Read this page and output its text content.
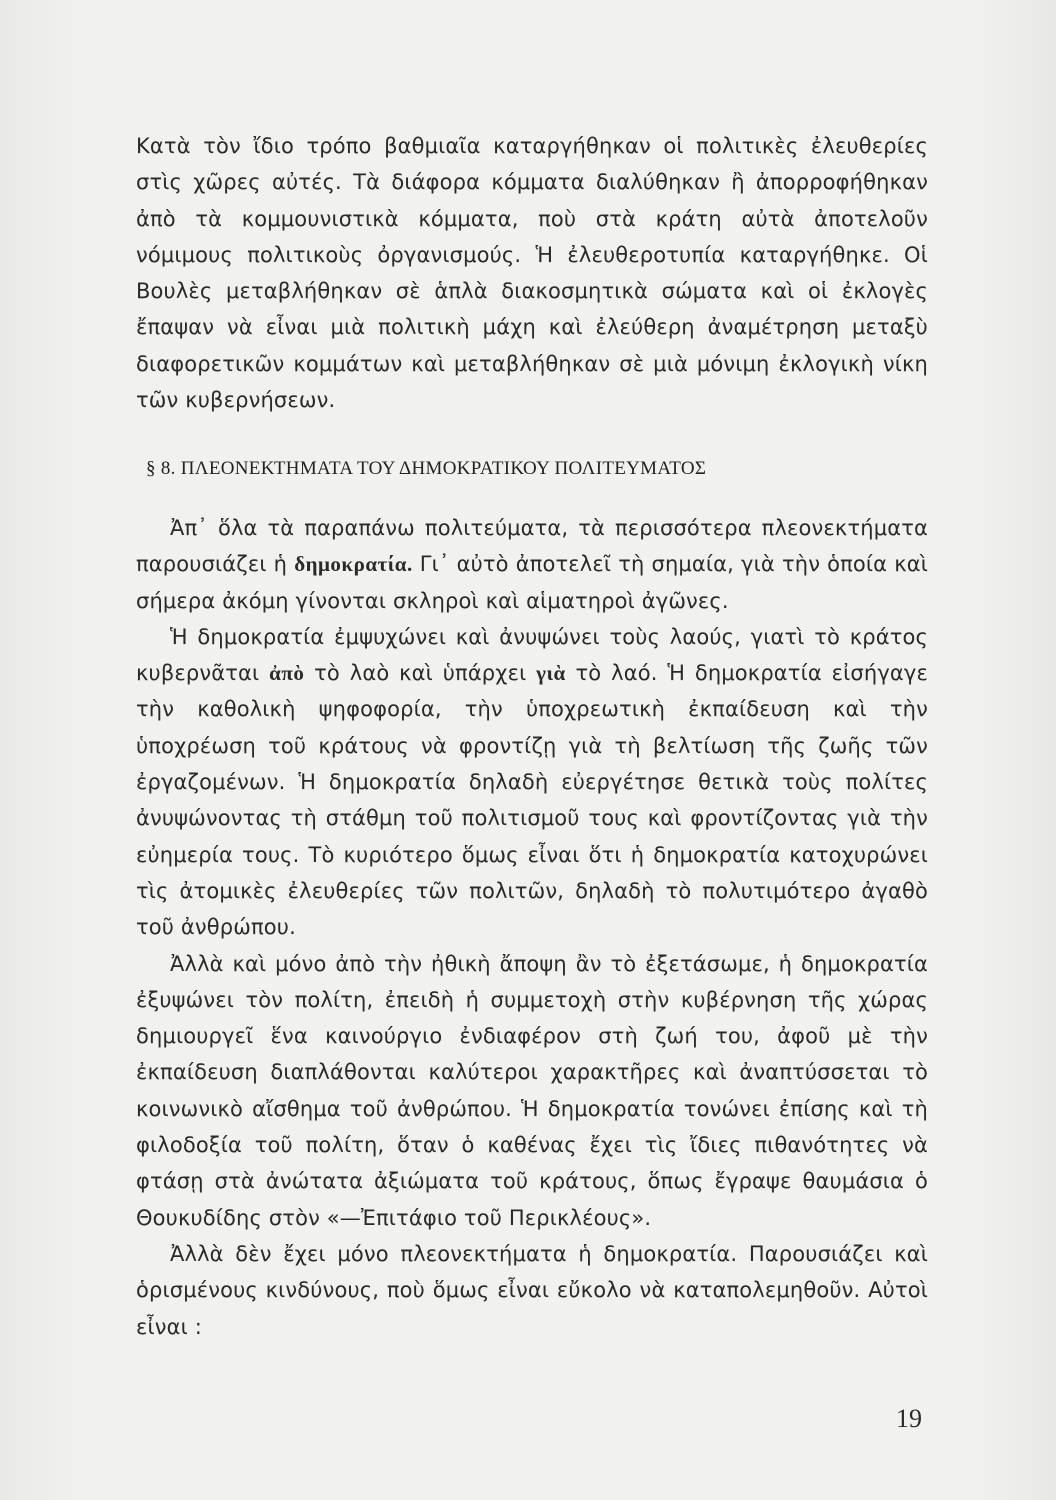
Κατὰ τὸν ἴδιο τρόπο βαθμιαῖα καταργήθηκαν οἱ πολιτικὲς ἐλευθερίες στὶς χῶρες αὐτές. Τὰ διάφορα κόμματα διαλύθηκαν ἢ ἀπορροφήθηκαν ἀπὸ τὰ κομμουνιστικὰ κόμματα, ποὺ στὰ κράτη αὐτὰ ἀποτελοῦν νόμιμους πολιτικοὺς ὀργανισμούς. Ἡ ἐλευθεροτυπία καταργήθηκε. Οἱ Βουλὲς μεταβλήθηκαν σὲ ἁπλὰ διακοσμητικὰ σώματα καὶ οἱ ἐκλογὲς ἔπαψαν νὰ εἶναι μιὰ πολιτικὴ μάχη καὶ ἐλεύθερη ἀναμέτρηση μεταξὺ διαφορετικῶν κομμάτων καὶ μεταβλήθηκαν σὲ μιὰ μόνιμη ἐκλογικὴ νίκη τῶν κυβερνήσεων.

§ 8. ΠΛΕΟΝΕΚΤΗΜΑΤΑ ΤΟΥ ΔΗΜΟΚΡΑΤΙΚΟΥ ΠΟΛΙΤΕΥΜΑΤΟΣ

Ἀπ᾽ ὅλα τὰ παραπάνω πολιτεύματα, τὰ περισσότερα πλεονεκτήματα παρουσιάζει ἡ δημοκρατία. Γι᾽ αὐτὸ ἀποτελεῖ τὴ σημαία, γιὰ τὴν ὁποία καὶ σήμερα ἀκόμη γίνονται σκληροὶ καὶ αἱματηροὶ ἀγῶνες.

Ἡ δημοκρατία ἐμψυχώνει καὶ ἀνυψώνει τοὺς λαούς, γιατὶ τὸ κράτος κυβερνᾶται ἀπὸ τὸ λαὸ καὶ ὑπάρχει γιὰ τὸ λαό. Ἡ δημοκρατία εἰσήγαγε τὴν καθολικὴ ψηφοφορία, τὴν ὑποχρεωτικὴ ἐκπαίδευση καὶ τὴν ὑποχρέωση τοῦ κράτους νὰ φροντίζῃ γιὰ τὴ βελτίωση τῆς ζωῆς τῶν ἐργαζομένων. Ἡ δημοκρατία δηλαδὴ εὐεργέτησε θετικὰ τοὺς πολίτες ἀνυψώνοντας τὴ στάθμη τοῦ πολιτισμοῦ τους καὶ φροντίζοντας γιὰ τὴν εὐημερία τους. Τὸ κυριότερο ὅμως εἶναι ὅτι ἡ δημοκρατία κατοχυρώνει τὶς ἀτομικὲς ἐλευθερίες τῶν πολιτῶν, δηλαδὴ τὸ πολυτιμότερο ἀγαθὸ τοῦ ἀνθρώπου.

Ἀλλὰ καὶ μόνο ἀπὸ τὴν ἠθικὴ ἄποψη ἂν τὸ ἐξετάσωμε, ἡ δημοκρατία ἐξυψώνει τὸν πολίτη, ἐπειδὴ ἡ συμμετοχὴ στὴν κυβέρνηση τῆς χώρας δημιουργεῖ ἕνα καινούργιο ἐνδιαφέρον στὴ ζωή του, ἀφοῦ μὲ τὴν ἐκπαίδευση διαπλάθονται καλύτεροι χαρακτῆρες καὶ ἀναπτύσσεται τὸ κοινωνικὸ αἴσθημα τοῦ ἀνθρώπου. Ἡ δημοκρατία τονώνει ἐπίσης καὶ τὴ φιλοδοξία τοῦ πολίτη, ὅταν ὁ καθένας ἔχει τὶς ἴδιες πιθανότητες νὰ φτάσῃ στὰ ἀνώτατα ἀξιώματα τοῦ κράτους, ὅπως ἔγραψε θαυμάσια ὁ Θουκυδίδης στὸν «—Ἐπιτάφιο τοῦ Περικλέους».

Ἀλλὰ δὲν ἔχει μόνο πλεονεκτήματα ἡ δημοκρατία. Παρουσιάζει καὶ ὁρισμένους κινδύνους, ποὺ ὅμως εἶναι εὔκολο νὰ καταπολεμηθοῦν. Αὐτοὶ εἶναι :

19
